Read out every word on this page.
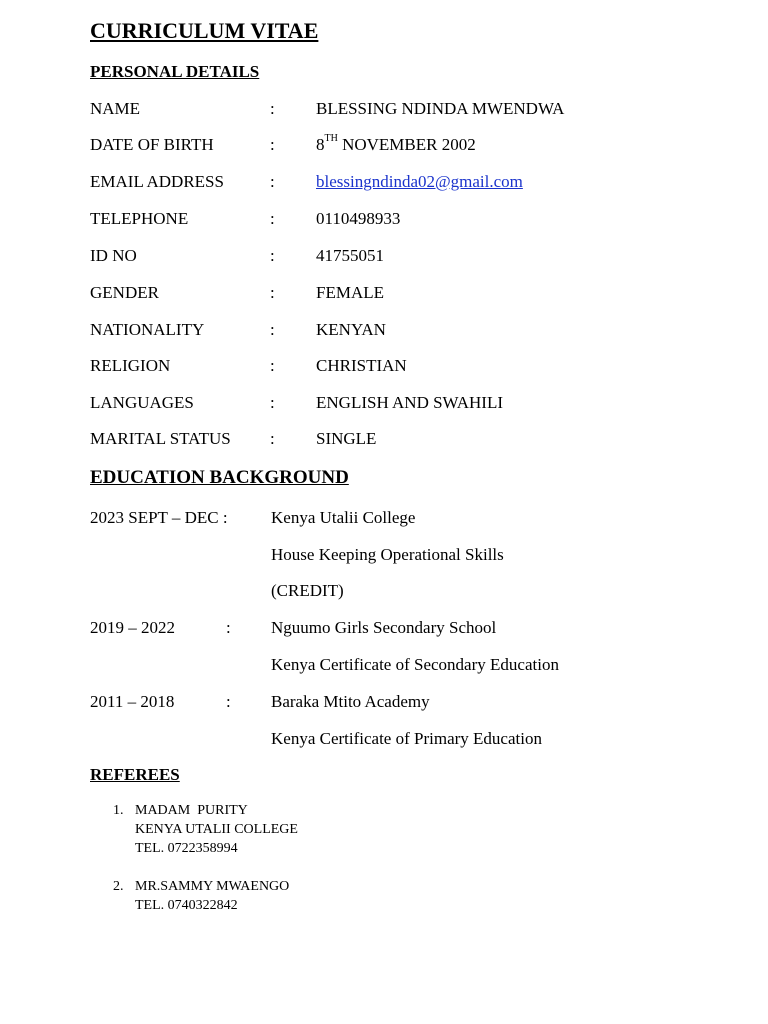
CURRICULUM VITAE
PERSONAL DETAILS
NAME	: BLESSING NDINDA MWENDWA
DATE OF BIRTH	: 8TH NOVEMBER 2002
EMAIL ADDRESS	: blessingndinda02@gmail.com
TELEPHONE	: 0110498933
ID NO	: 41755051
GENDER	: FEMALE
NATIONALITY	: KENYAN
RELIGION	: CHRISTIAN
LANGUAGES	: ENGLISH AND SWAHILI
MARITAL STATUS : SINGLE
EDUCATION BACKGROUND
2023 SEPT – DEC :	Kenya Utalii College
House Keeping Operational Skills
(CREDIT)
2019 – 2022	: Nguumo Girls Secondary School
Kenya Certificate of Secondary Education
2011 – 2018	: Baraka Mtito Academy
Kenya Certificate of Primary Education
REFEREES
1. MADAM  PURITY
KENYA UTALII COLLEGE
TEL. 0722358994
2. MR.SAMMY MWAENGO
TEL. 0740322842
